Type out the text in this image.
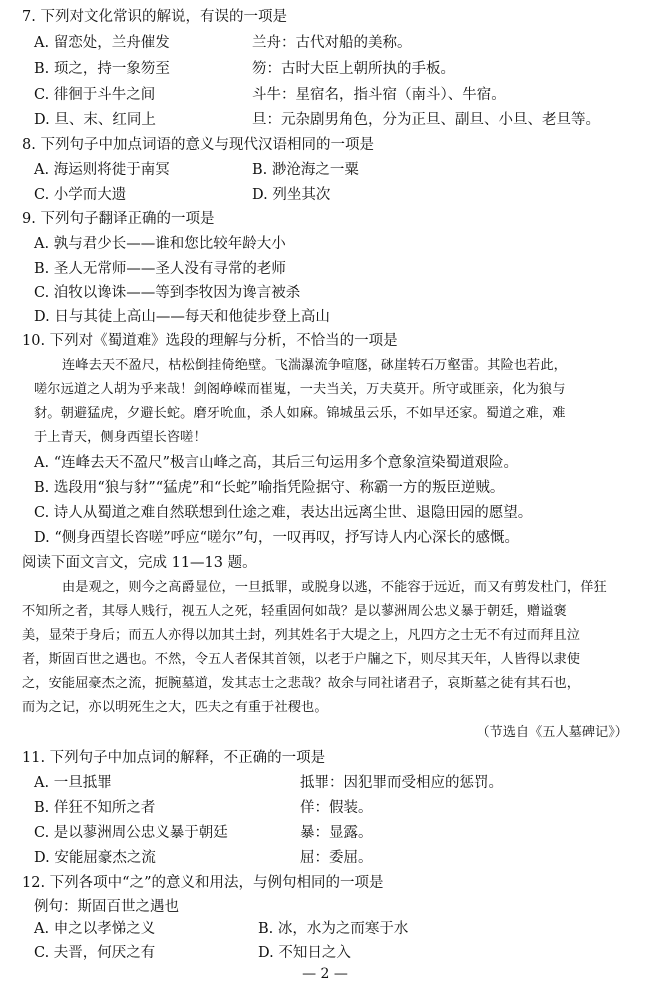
7. 下列对文化常识的解说，有误的一项是
A. 留恋处，兰舟催发	兰舟：古代对船的美称。
B. 顼之，持一象笏至	笏：古时大臣上朝所执的手板。
C. 徘徊于斗牛之间	斗牛：星宿名，指斗宿（南斗）、牛宿。
D. 旦、末、红同上	旦：元杂剧男角色，分为正旦、副旦、小旦、老旦等。
8. 下列句子中加点词语的意义与现代汉语相同的一项是
A. 海运则将徙于南冥	B. 渺沧海之一粟
C. 小学而大遗	D. 列坐其次
9. 下列句子翻译正确的一项是
A. 孰与君少长——谁和您比较年龄大小
B. 圣人无常师——圣人没有寻常的老师
C. 洎牧以谗诛——等到李牧因为谗言被杀
D. 日与其徒上高山——每天和他徒步登上高山
10. 下列对《蜀道难》选段的理解与分析，不恰当的一项是
连峰去天不盈尺，枯松倒挂倚绝壁。飞湍瀑流争喧豗，砯崖转石万壑雷。其险也若此，
嗟尔远道之人胡为乎来哉！剑阁峥嵘而崔嵬，一夫当关，万夫莫开。所守或匪亲，化为狼与
豺。朝避猛虎，夕避长蛇。磨牙吮血，杀人如麻。锦城虽云乐，不如早还家。蜀道之难，难
于上青天，侧身西望长咨嗟！
A. “连峰去天不盈尺”极言山峰之高，其后三句运用多个意象渲染蜀道艰险。
B. 选段用“狼与豺”“猛虎”和“长蛇”喻指凭险据守、称霸一方的叛臣逆贼。
C. 诗人从蜀道之难自然联想到仕途之难，表达出远离尘世、退隐田园的愿望。
D. “侧身西望长咨嗟”呼应“嗟尔”句，一叹再叹，抒写诗人内心深长的感慨。
阅读下面文言文，完成 11—13 题。
由是观之，则今之高爵显位，一旦抵罪，或脱身以逃，不能容于远近，而又有剪发杜门，佯狂
不知所之者，其辱人贱行，视五人之死，轻重固何如哉？是以蓼洲周公忠义暴于朝廷，赠谥褒
美，显荣于身后；而五人亦得以加其土封，列其姓名于大堤之上，凡四方之士无不有过而拜且泣
者，斯固百世之遇也。不然，令五人者保其首领，以老于户牖之下，则尽其天年，人皆得以隶使
之，安能屈豪杰之流，扼腕墓道，发其志士之悲哉？故余与同社诸君子，哀斯墓之徒有其石也，
而为之记，亦以明死生之大，匹夫之有重于社稷也。
（节选自《五人墓碑记》）
11. 下列句子中加点词的解释，不正确的一项是
A. 一旦抵罪	抵罪：因犯罪而受相应的惩罚。
B. 佯狂不知所之者	佯：假装。
C. 是以蓼洲周公忠义暴于朝廷	暴：显露。
D. 安能屈豪杰之流	屈：委屈。
12. 下列各项中“之”的意义和用法，与例句相同的一项是
例句：斯固百世之遇也
A. 申之以孝悌之义	B. 冰，水为之而寒于水
— 2 —
C. 夫晋，何厌之有	D. 不知日之入
